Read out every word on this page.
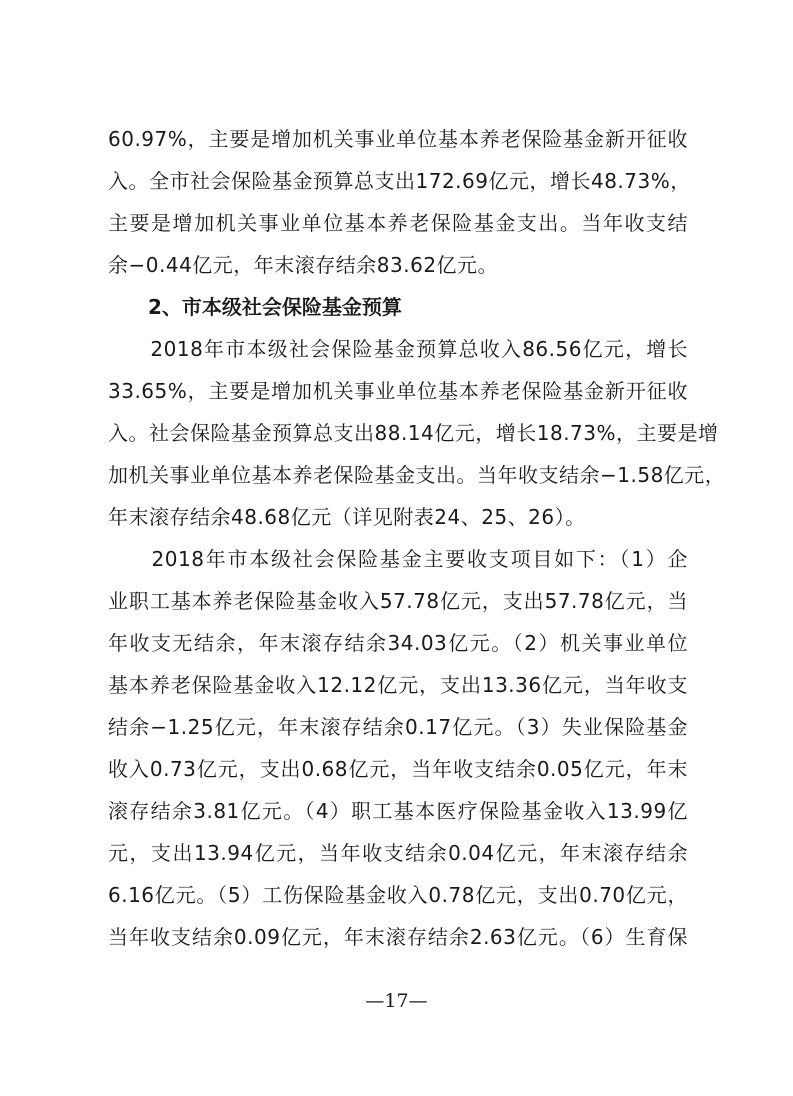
60.97%，主要是增加机关事业单位基本养老保险基金新开征收

入。全市社会保险基金预算总支出172.69亿元，增长48.73%，

主要是增加机关事业单位基本养老保险基金支出。当年收支结

余−0.44亿元，年末滚存结余83.62亿元。

2、市本级社会保险基金预算

　　2018年市本级社会保险基金预算总收入86.56亿元，增长

33.65%，主要是增加机关事业单位基本养老保险基金新开征收

入。社会保险基金预算总支出88.14亿元，增长18.73%，主要是增

加机关事业单位基本养老保险基金支出。当年收支结余−1.58亿元，

年末滚存结余48.68亿元（详见附表24、25、26）。

　　2018年市本级社会保险基金主要收支项目如下：（1）企

业职工基本养老保险基金收入57.78亿元，支出57.78亿元，当

年收支无结余，年末滚存结余34.03亿元。（2）机关事业单位

基本养老保险基金收入12.12亿元，支出13.36亿元，当年收支

结余−1.25亿元，年末滚存结余0.17亿元。（3）失业保险基金

收入0.73亿元，支出0.68亿元，当年收支结余0.05亿元，年末

滚存结余3.81亿元。（4）职工基本医疗保险基金收入13.99亿

元，支出13.94亿元，当年收支结余0.04亿元，年末滚存结余

6.16亿元。（5）工伤保险基金收入0.78亿元，支出0.70亿元，

当年收支结余0.09亿元，年末滚存结余2.63亿元。（6）生育保

—17—
